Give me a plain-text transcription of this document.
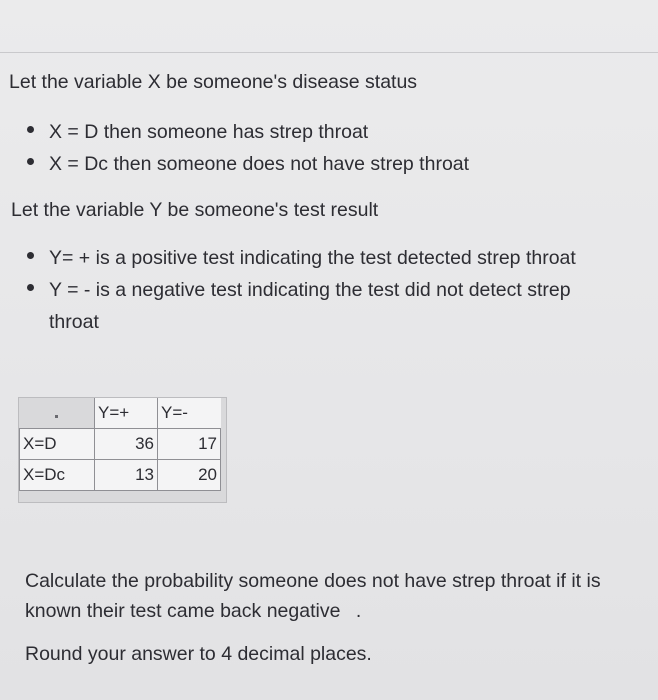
Let the variable X be someone's disease status

X = D then someone has strep throat
X = Dc then someone does not have strep throat

Let the variable Y be someone's test result

Y= + is a positive test indicating the test detected strep throat
Y = - is a negative test indicating the test did not detect strep throat
	Y=+	Y=-
X=D	36	17
X=Dc	13	20

Calculate the probability someone does not have strep throat if it is known their test came back negative .

Round your answer to 4 decimal places.
